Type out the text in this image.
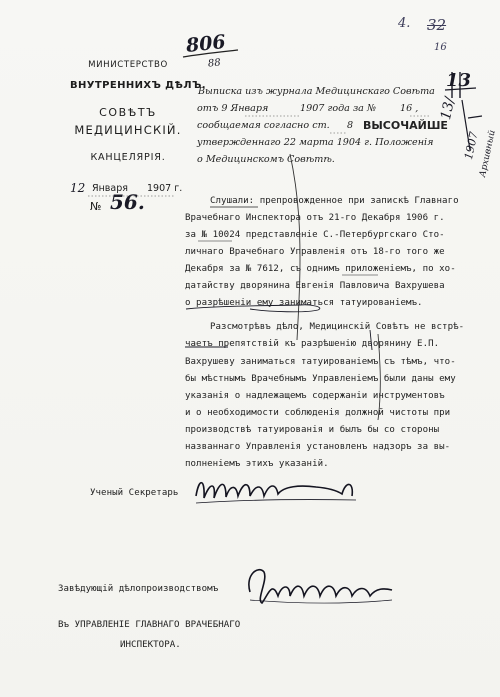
МИНИСТЕРСТВО
ВНУТРЕННИХЪ ДѢЛЪ.
СОВѢТЪ
МЕДИЦИНСКІЙ.
КАНЦЕЛЯРІЯ.
12 Января 1907 г.
№ 56.
806
88
4. 32
16
13
13/
1907
Архивный
Выписка изъ журнала Медицинскаго Совѣта
отъ 9 Января	1907 года за № 16 ,
сообщаемая согласно ст. 8 ВЫСОЧАЙШЕ
утвержденнаго 22 марта 1904 г. Положенія
о Медицинскомъ Совѣтѣ.
Слушали: препровожденное при запискѣ Главнаго
Врачебнаго Инспектора отъ 21-го Декабря 1906 г.
за № 10024 представленіе С.-Петербургскаго Сто-
личнаго Врачебнаго Управленія отъ 18-го того же
Декабря за № 7612, съ однимъ приложеніемъ, по хо-
датайству дворянина Евгенія Павловича Вахрушева
о разрѣшеніи ему заниматься татуированіемъ.
Разсмотрѣвъ дѣло, Медицинскій Совѣтъ не встрѣ-
чаетъ препятствій къ разрѣшенію дворянину Е.П.
Вахрушеву заниматься татуированіемъ съ тѣмъ, что-
бы мѣстнымъ Врачебнымъ Управленіемъ были даны ему
указанія о надлежащемъ содержаніи инструментовъ
и о необходимости соблюденія должной чистоты при
производствѣ татуированія и былъ бы со стороны
названнаго Управленія установленъ надзоръ за вы-
полненіемъ этихъ указаній.
Ученый Секретарь
Завѣдующій дѣлопроизводствомъ
Въ УПРАВЛЕНІЕ ГЛАВНАГО ВРАЧЕБНАГО
ИНСПЕКТОРА.
